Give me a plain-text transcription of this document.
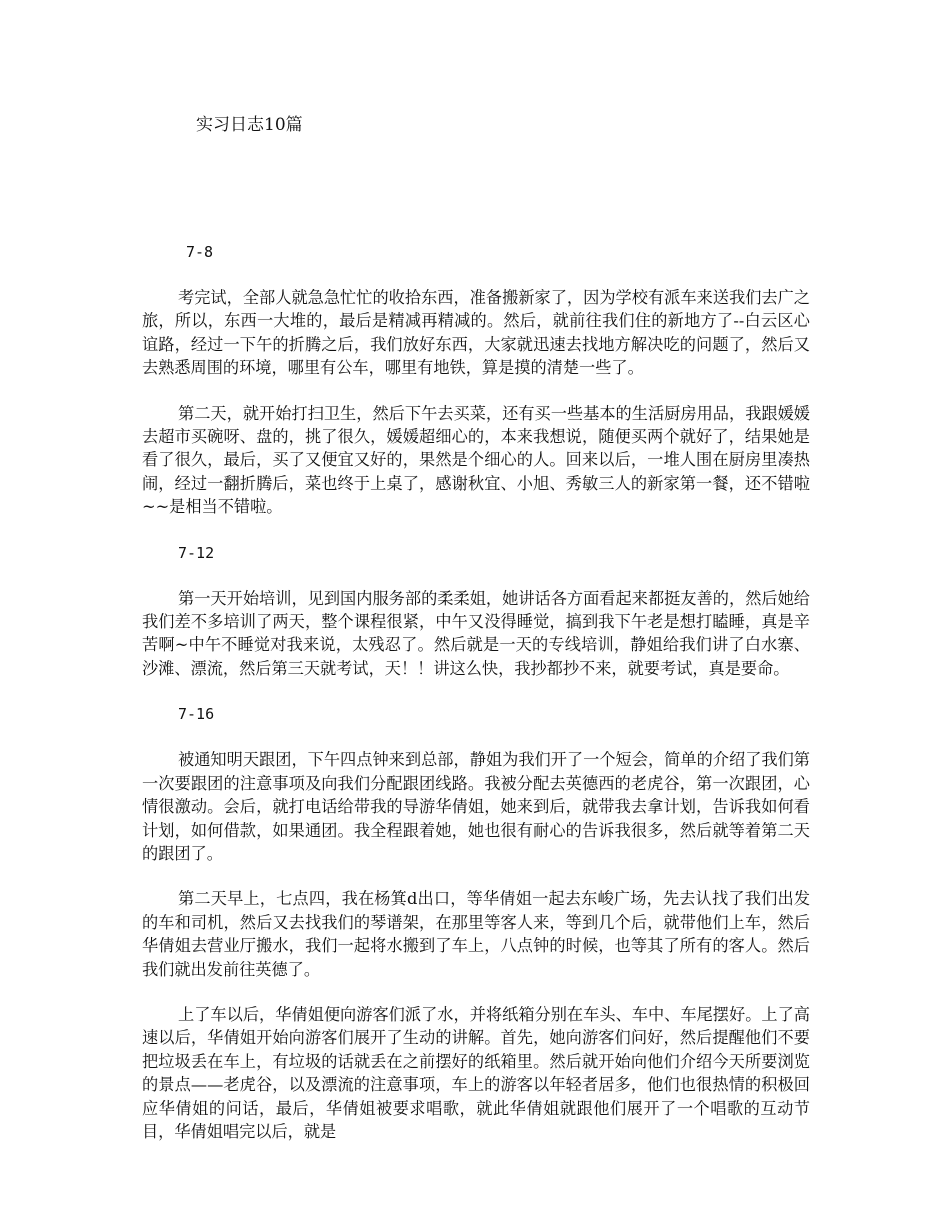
实习日志10篇

7-8

考完试，全部人就急急忙忙的收拾东西，准备搬新家了，因为学校有派车来送我们去广之旅，所以，东西一大堆的，最后是精减再精减的。然后，就前往我们住的新地方了--白云区心谊路，经过一下午的折腾之后，我们放好东西，大家就迅速去找地方解决吃的问题了，然后又去熟悉周围的环境，哪里有公车，哪里有地铁，算是摸的清楚一些了。

第二天，就开始打扫卫生，然后下午去买菜，还有买一些基本的生活厨房用品，我跟媛媛去超市买碗呀、盘的，挑了很久，媛媛超细心的，本来我想说，随便买两个就好了，结果她是看了很久，最后，买了又便宜又好的，果然是个细心的人。回来以后，一堆人围在厨房里凑热闹，经过一翻折腾后，菜也终于上桌了，感谢秋宜、小旭、秀敏三人的新家第一餐，还不错啦~~是相当不错啦。

7-12

第一天开始培训，见到国内服务部的柔柔姐，她讲话各方面看起来都挺友善的，然后她给我们差不多培训了两天，整个课程很紧，中午又没得睡觉，搞到我下午老是想打瞌睡，真是辛苦啊~中午不睡觉对我来说，太残忍了。然后就是一天的专线培训，静姐给我们讲了白水寨、沙滩、漂流，然后第三天就考试，天！！讲这么快，我抄都抄不来，就要考试，真是要命。

7-16

被通知明天跟团，下午四点钟来到总部，静姐为我们开了一个短会，简单的介绍了我们第一次要跟团的注意事项及向我们分配跟团线路。我被分配去英德西的老虎谷，第一次跟团，心情很激动。会后，就打电话给带我的导游华倩姐，她来到后，就带我去拿计划，告诉我如何看计划，如何借款，如果通团。我全程跟着她，她也很有耐心的告诉我很多，然后就等着第二天的跟团了。

第二天早上，七点四，我在杨箕d出口，等华倩姐一起去东峻广场，先去认找了我们出发的车和司机，然后又去找我们的琴谱架，在那里等客人来，等到几个后，就带他们上车，然后华倩姐去营业厅搬水，我们一起将水搬到了车上，八点钟的时候，也等其了所有的客人。然后我们就出发前往英德了。

上了车以后，华倩姐便向游客们派了水，并将纸箱分别在车头、车中、车尾摆好。上了高速以后，华倩姐开始向游客们展开了生动的讲解。首先，她向游客们问好，然后提醒他们不要把垃圾丢在车上，有垃圾的话就丢在之前摆好的纸箱里。然后就开始向他们介绍今天所要浏览的景点——老虎谷，以及漂流的注意事项，车上的游客以年轻者居多，他们也很热情的积极回应华倩姐的问话，最后，华倩姐被要求唱歌，就此华倩姐就跟他们展开了一个唱歌的互动节目，华倩姐唱完以后，就是
